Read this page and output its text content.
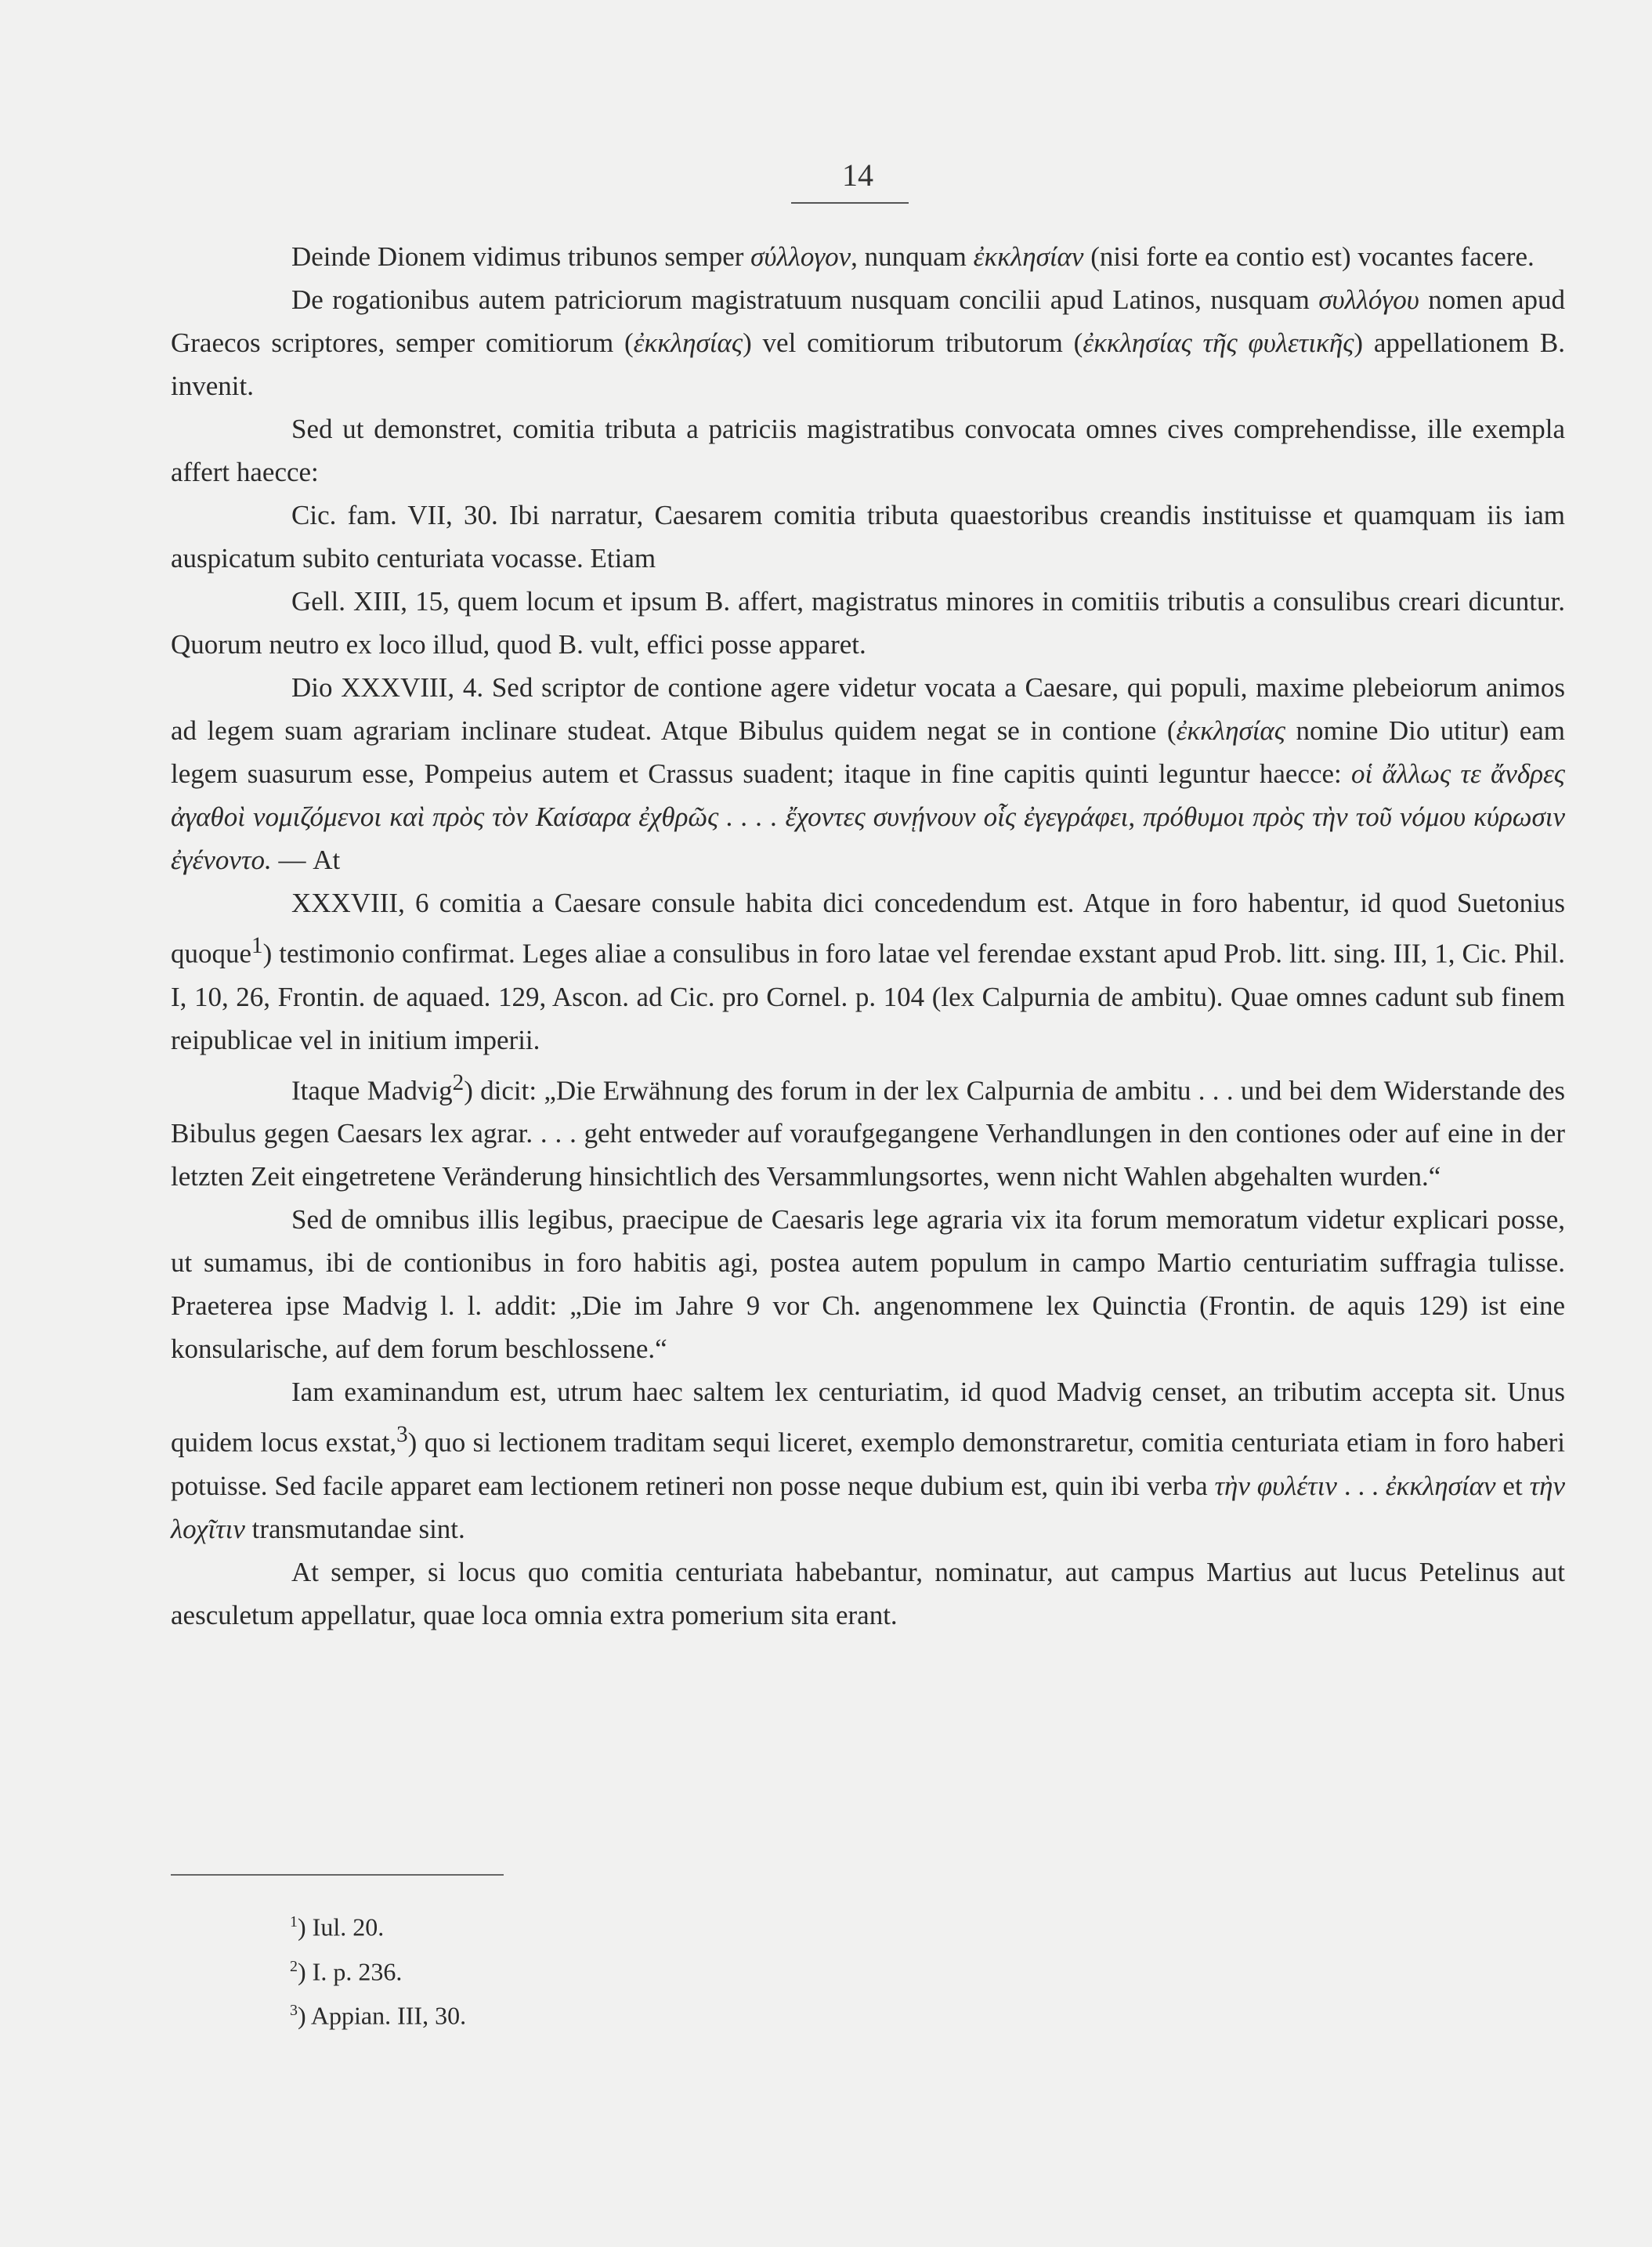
14

Deinde Dionem vidimus tribunos semper σύλλογον, nunquam ἐκκλησίαν (nisi forte ea contio est) vocantes facere.

De rogationibus autem patriciorum magistratuum nusquam concilii apud Latinos, nusquam συλλόγου nomen apud Graecos scriptores, semper comitiorum (ἐκκλησίας) vel comitiorum tributorum (ἐκκλησίας τῆς φυλετικῆς) appellationem B. invenit.

Sed ut demonstret, comitia tributa a patriciis magistratibus convocata omnes cives comprehendisse, ille exempla affert haecce:

Cic. fam. VII, 30. Ibi narratur, Caesarem comitia tributa quaestoribus creandis instituisse et quamquam iis iam auspicatum subito centuriata vocasse. Etiam

Gell. XIII, 15, quem locum et ipsum B. affert, magistratus minores in comitiis tributis a consulibus creari dicuntur. Quorum neutro ex loco illud, quod B. vult, effici posse apparet.

Dio XXXVIII, 4. Sed scriptor de contione agere videtur vocata a Caesare, qui populi, maxime plebeiorum animos ad legem suam agrariam inclinare studeat. Atque Bibulus quidem negat se in contione (ἐκκλησίας nomine Dio utitur) eam legem suasurum esse, Pompeius autem et Crassus suadent; itaque in fine capitis quinti leguntur haecce: οἱ ἄλλως τε ἄνδρες ἀγαθοὶ νομιζόμενοι καὶ πρὸς τὸν Καίσαρα ἐχθρῶς . . . . ἔχοντες συνῄνουν οἷς ἐγεγράφει, πρόθυμοι πρὸς τὴν τοῦ νόμου κύρωσιν ἐγένοντο. — At

XXXVIII, 6 comitia a Caesare consule habita dici concedendum est. Atque in foro habentur, id quod Suetonius quoque$^1$) testimonio confirmat. Leges aliae a consulibus in foro latae vel ferendae exstant apud Prob. litt. sing. III, 1, Cic. Phil. I, 10, 26, Frontin. de aquaed. 129, Ascon. ad Cic. pro Cornel. p. 104 (lex Calpurnia de ambitu). Quae omnes cadunt sub finem reipublicae vel in initium imperii.

Itaque Madvig$^2$) dicit: „Die Erwähnung des forum in der lex Calpurnia de ambitu . . . und bei dem Widerstande des Bibulus gegen Caesars lex agrar. . . . geht entweder auf voraufgegangene Verhandlungen in den contiones oder auf eine in der letzten Zeit eingetretene Veränderung hinsichtlich des Versammlungsortes, wenn nicht Wahlen abgehalten wurden.“

Sed de omnibus illis legibus, praecipue de Caesaris lege agraria vix ita forum memoratum videtur explicari posse, ut sumamus, ibi de contionibus in foro habitis agi, postea autem populum in campo Martio centuriatim suffragia tulisse. Praeterea ipse Madvig l. l. addit: „Die im Jahre 9 vor Ch. angenommene lex Quinctia (Frontin. de aquis 129) ist eine konsularische, auf dem forum beschlossene.“

Iam examinandum est, utrum haec saltem lex centuriatim, id quod Madvig censet, an tributim accepta sit. Unus quidem locus exstat,$^3$) quo si lectionem traditam sequi liceret, exemplo demonstraretur, comitia centuriata etiam in foro haberi potuisse. Sed facile apparet eam lectionem retineri non posse neque dubium est, quin ibi verba τὴν φυλέτιν . . . ἐκκλησίαν et τὴν λοχῖτιν transmutandae sint.

At semper, si locus quo comitia centuriata habebantur, nominatur, aut campus Martius aut lucus Petelinus aut aesculetum appellatur, quae loca omnia extra pomerium sita erant.

$^1$) Iul. 20.
$^2$) I. p. 236.
$^3$) Appian. III, 30.
